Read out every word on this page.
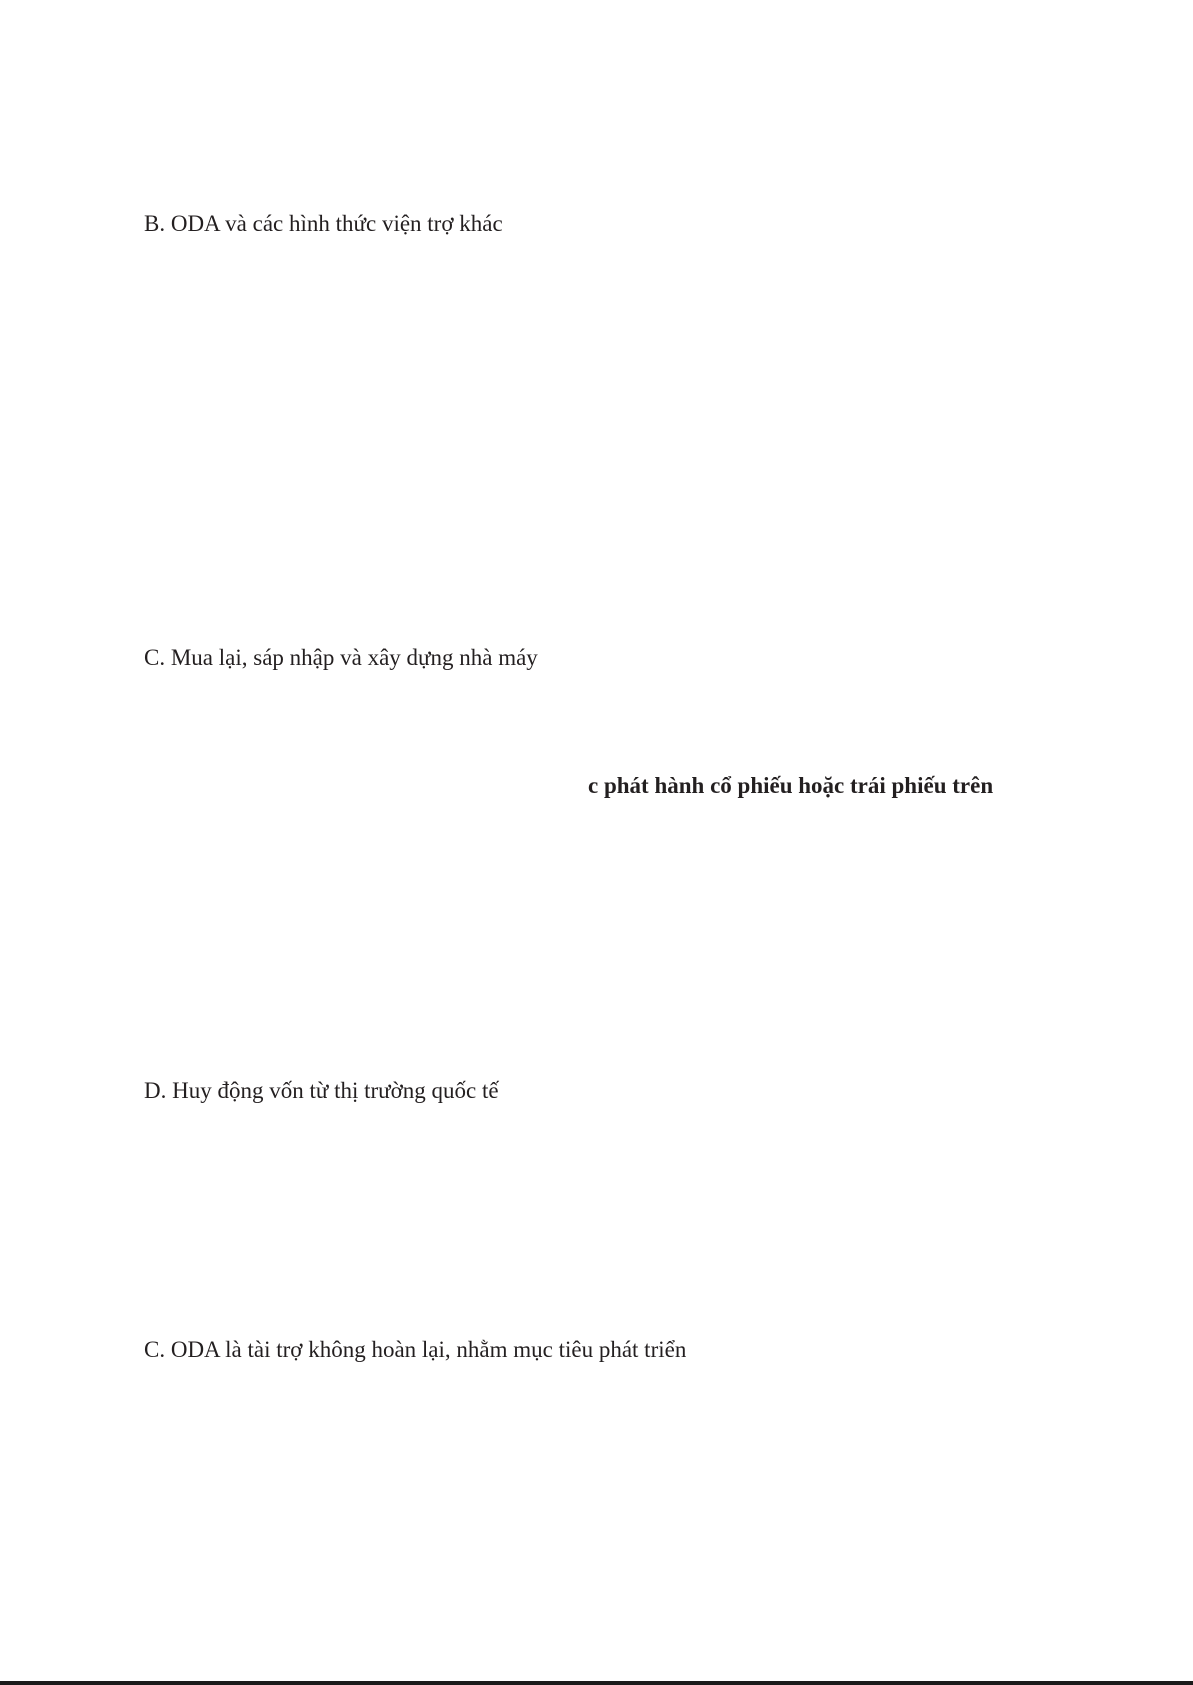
B. ODA và các hình thức viện trợ khác
C. Mua lại, sáp nhập và xây dựng nhà máy
c phát hành cổ phiếu hoặc trái phiếu trên
D. Huy động vốn từ thị trường quốc tế
C. ODA là tài trợ không hoàn lại, nhằm mục tiêu phát triển
